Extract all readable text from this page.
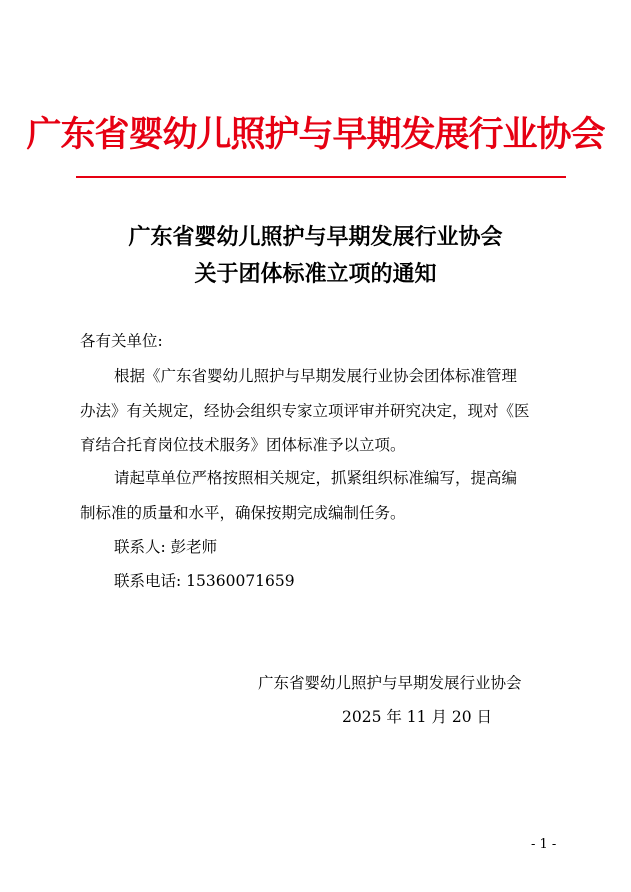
广东省婴幼儿照护与早期发展行业协会
广东省婴幼儿照护与早期发展行业协会
关于团体标准立项的通知
各有关单位:
根据《广东省婴幼儿照护与早期发展行业协会团体标准管理
办法》有关规定，经协会组织专家立项评审并研究决定，现对《医
育结合托育岗位技术服务》团体标准予以立项。
请起草单位严格按照相关规定，抓紧组织标准编写，提高编
制标准的质量和水平，确保按期完成编制任务。
联系人: 彭老师
联系电话: 15360071659
广东省婴幼儿照护与早期发展行业协会
2025 年 11 月 20 日
- 1 -
